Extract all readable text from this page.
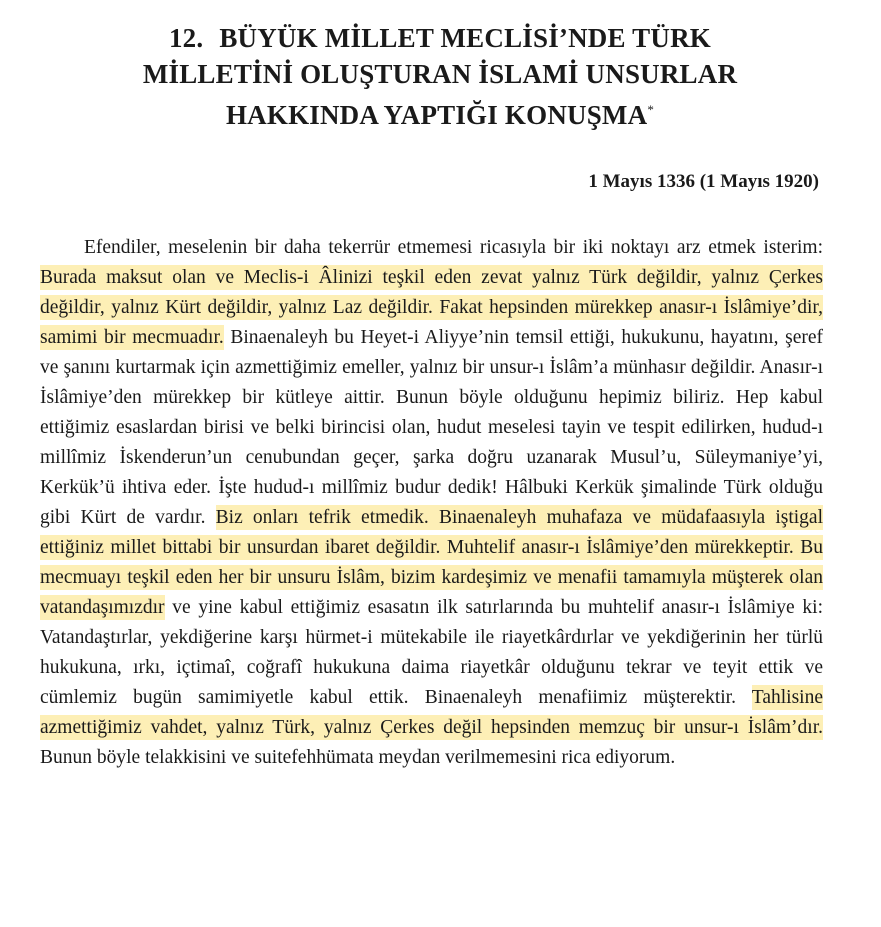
12. BÜYÜK MİLLET MECLİSİ’NDE TÜRK
MİLLETİNİ OLUŞTURAN İSLAMİ UNSURLAR
HAKKINDA YAPTIĞI KONUŞMA*
1 Mayıs 1336 (1 Mayıs 1920)

Efendiler, meselenin bir daha tekerrür etmemesi ricasıyla bir iki noktayı arz etmek isterim: Burada maksut olan ve Meclis-i Âlinizi teşkil eden zevat yalnız Türk değildir, yalnız Çerkes değildir, yalnız Kürt değildir, yalnız Laz değildir. Fakat hepsinden mürekkep anasır-ı İslâmiye’dir, samimi bir mecmuadır. Binaenaleyh bu Heyet-i Aliyye’nin temsil ettiği, hukukunu, hayatını, şeref ve şanını kurtarmak için azmettiğimiz emeller, yalnız bir unsur-ı İslâm’a münhasır değildir. Anasır-ı İslâmiye’den mürekkep bir kütleye aittir. Bunun böyle olduğunu hepimiz biliriz. Hep kabul ettiğimiz esaslardan birisi ve belki birincisi olan, hudut meselesi tayin ve tespit edilirken, hudud-ı millîmiz İskenderun’un cenubundan geçer, şarka doğru uzanarak Musul’u, Süleymaniye’yi, Kerkük’ü ihtiva eder. İşte hudud-ı millîmiz budur dedik! Hâlbuki Kerkük şimalinde Türk olduğu gibi Kürt de vardır. Biz onları tefrik etmedik. Binaenaleyh muhafaza ve müdafaasıyla iştigal ettiğiniz millet bittabi bir unsurdan ibaret değildir. Muhtelif anasır-ı İslâmiye’den mürekkeptir. Bu mecmuayı teşkil eden her bir unsuru İslâm, bizim kardeşimiz ve menafii tamamıyla müşterek olan vatandaşımızdır ve yine kabul ettiğimiz esasatın ilk satırlarında bu muhtelif anasır-ı İslâmiye ki: Vatandaştırlar, yekdiğerine karşı hürmet-i mütekabile ile riayetkârdırlar ve yekdiğerinin her türlü hukukuna, ırkı, içtimaî, coğrafî hukukuna daima riayetkâr olduğunu tekrar ve teyit ettik ve cümlemiz bugün samimiyetle kabul ettik. Binaenaleyh menafiimiz müşterektir. Tahlisine azmettiğimiz vahdet, yalnız Türk, yalnız Çerkes değil hepsinden memzuç bir unsur-ı İslâm’dır. Bunun böyle telakkisini ve suitefehhümata meydan verilmemesini rica ediyorum.
